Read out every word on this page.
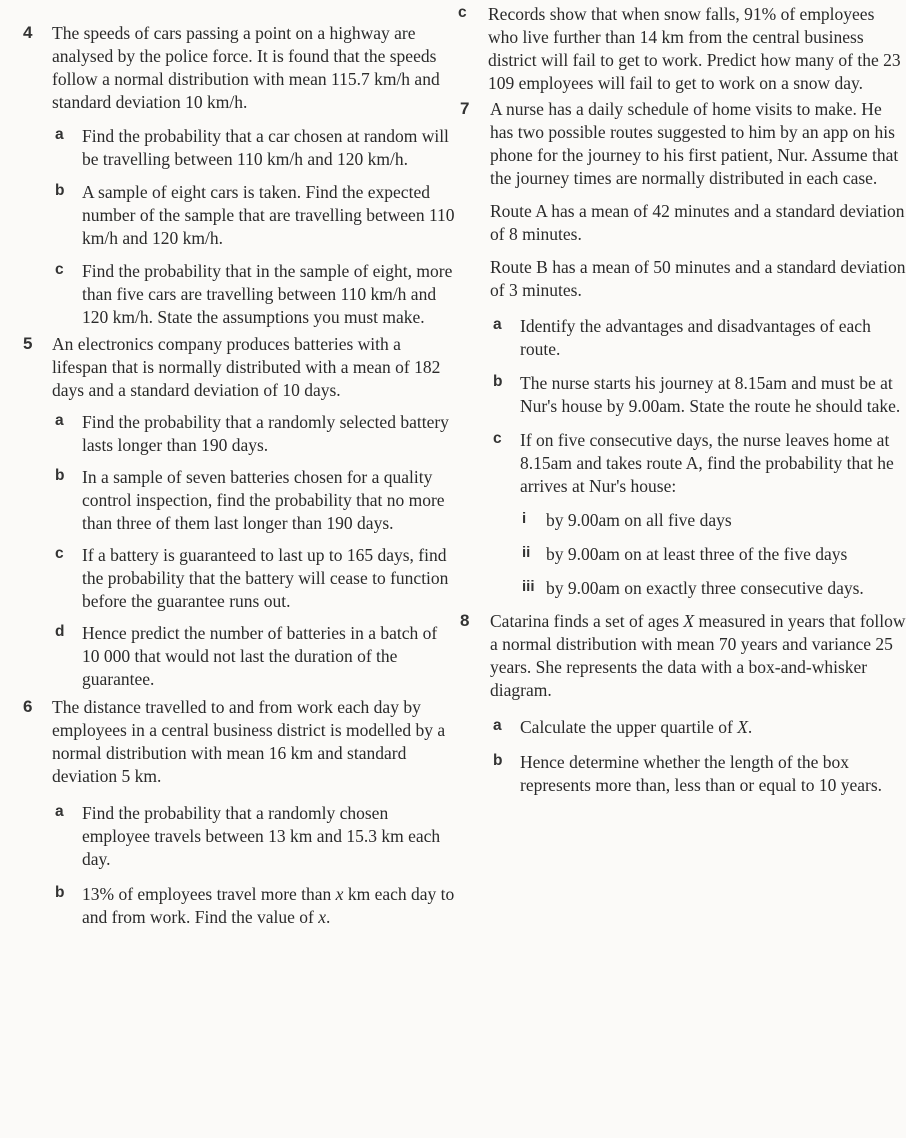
4 The speeds of cars passing a point on a highway are analysed by the police force. It is found that the speeds follow a normal distribution with mean 115.7 km/h and standard deviation 10 km/h.

a Find the probability that a car chosen at random will be travelling between 110 km/h and 120 km/h.

b A sample of eight cars is taken. Find the expected number of the sample that are travelling between 110 km/h and 120 km/h.

c Find the probability that in the sample of eight, more than five cars are travelling between 110 km/h and 120 km/h. State the assumptions you must make.

5 An electronics company produces batteries with a lifespan that is normally distributed with a mean of 182 days and a standard deviation of 10 days.

a Find the probability that a randomly selected battery lasts longer than 190 days.

b In a sample of seven batteries chosen for a quality control inspection, find the probability that no more than three of them last longer than 190 days.

c If a battery is guaranteed to last up to 165 days, find the probability that the battery will cease to function before the guarantee runs out.

d Hence predict the number of batteries in a batch of 10 000 that would not last the duration of the guarantee.

6 The distance travelled to and from work each day by employees in a central business district is modelled by a normal distribution with mean 16 km and standard deviation 5 km.

a Find the probability that a randomly chosen employee travels between 13 km and 15.3 km each day.

b 13% of employees travel more than x km each day to and from work. Find the value of x.

c Records show that when snow falls, 91% of employees who live further than 14 km from the central business district will fail to get to work. Predict how many of the 23 109 employees will fail to get to work on a snow day.

7 A nurse has a daily schedule of home visits to make. He has two possible routes suggested to him by an app on his phone for the journey to his first patient, Nur. Assume that the journey times are normally distributed in each case.

Route A has a mean of 42 minutes and a standard deviation of 8 minutes.

Route B has a mean of 50 minutes and a standard deviation of 3 minutes.

a Identify the advantages and disadvantages of each route.

b The nurse starts his journey at 8.15am and must be at Nur's house by 9.00am. State the route he should take.

c If on five consecutive days, the nurse leaves home at 8.15am and takes route A, find the probability that he arrives at Nur's house:

i by 9.00am on all five days

ii by 9.00am on at least three of the five days

iii by 9.00am on exactly three consecutive days.

8 Catarina finds a set of ages X measured in years that follow a normal distribution with mean 70 years and variance 25 years. She represents the data with a box-and-whisker diagram.

a Calculate the upper quartile of X.

b Hence determine whether the length of the box represents more than, less than or equal to 10 years.
